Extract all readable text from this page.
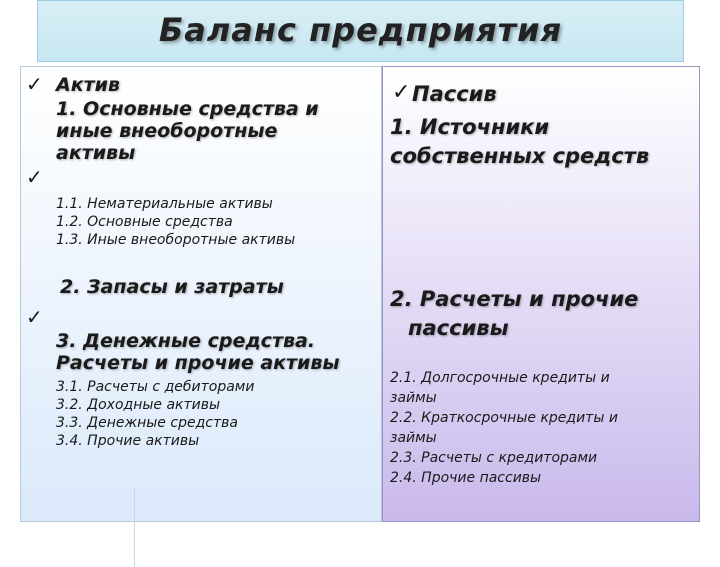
Баланс предприятия
✓ Актив
1. Основные средства и
иные внеоборотные
активы
✓
1.1. Нематериальные активы
1.2. Основные средства
1.3. Иные внеоборотные активы
2. Запасы и затраты
✓
3. Денежные средства.
Расчеты и прочие активы
3.1. Расчеты с дебиторами
3.2. Доходные активы
3.3. Денежные средства
3.4. Прочие активы
✓ Пассив
1. Источники
собственных средств
2. Расчеты и прочие
пассивы
2.1. Долгосрочные кредиты и
займы
2.2. Краткосрочные кредиты и
займы
2.3. Расчеты с кредиторами
2.4. Прочие пассивы
